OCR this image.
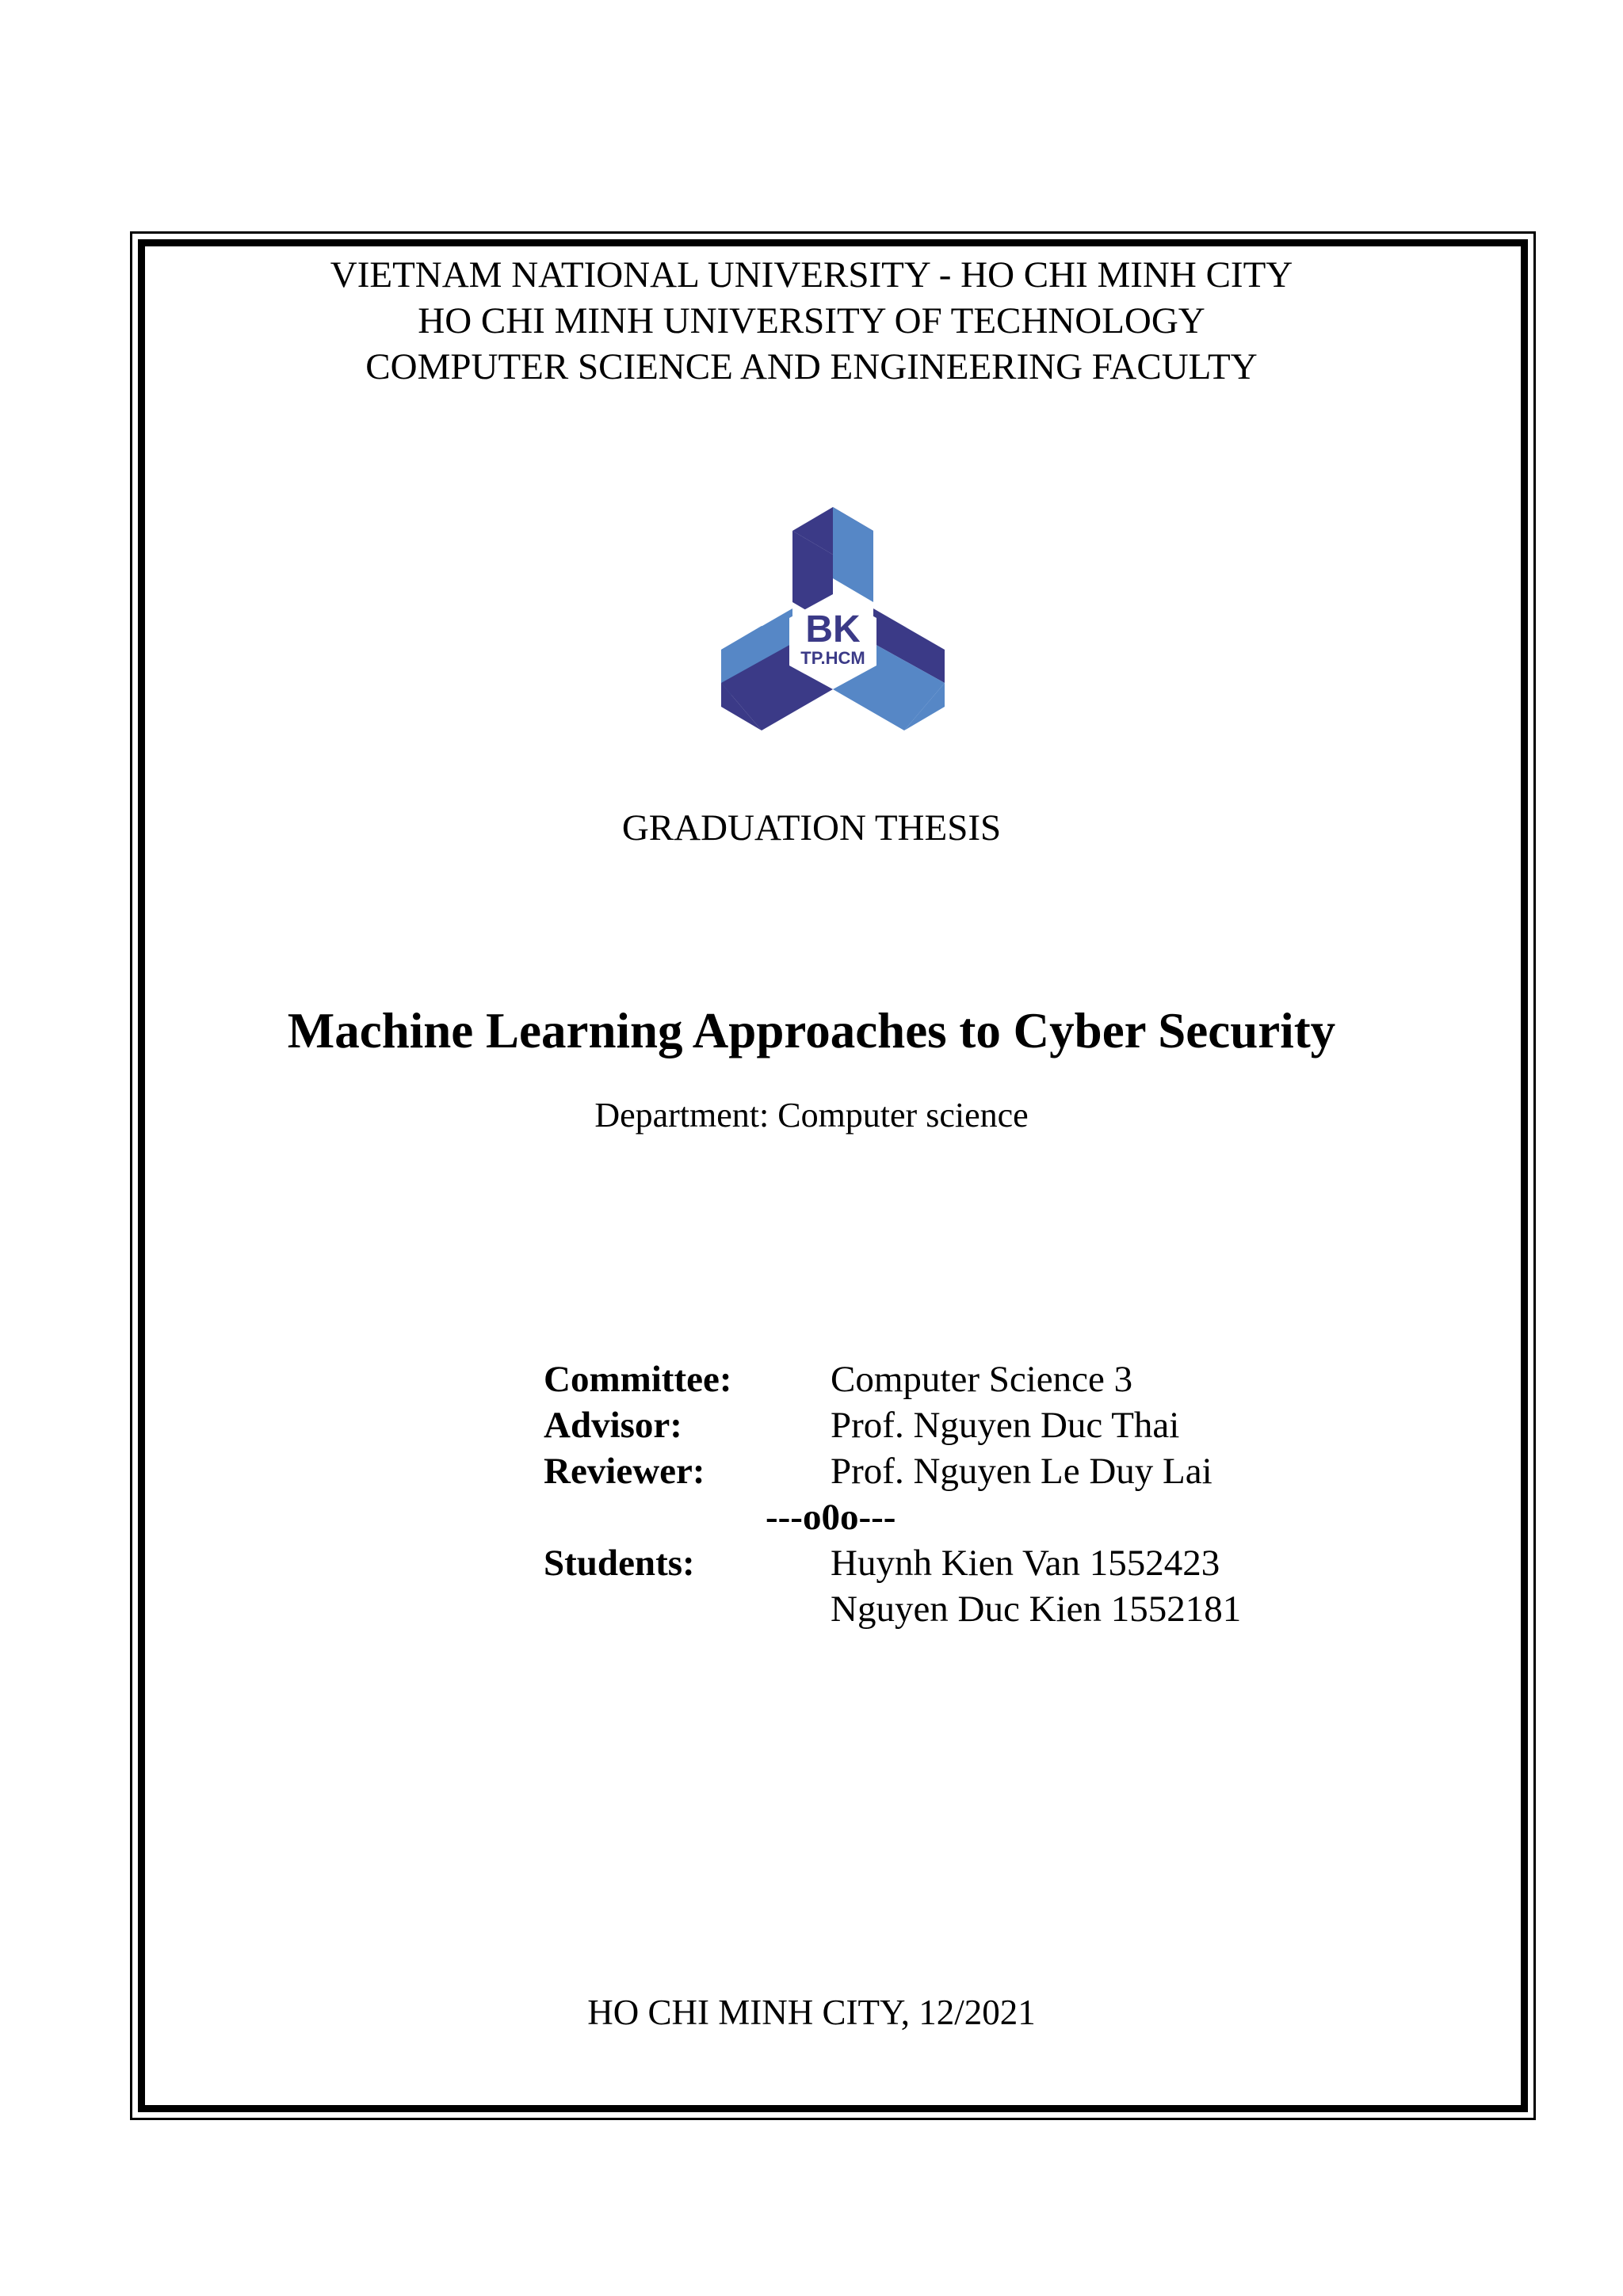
VIETNAM NATIONAL UNIVERSITY - HO CHI MINH CITY
HO CHI MINH UNIVERSITY OF TECHNOLOGY
COMPUTER SCIENCE AND ENGINEERING FACULTY
BK
TP.HCM
GRADUATION THESIS
Machine Learning Approaches to Cyber Security
Department: Computer science
Committee:	Computer Science 3
Advisor:	Prof. Nguyen Duc Thai
Reviewer:	Prof. Nguyen Le Duy Lai
---o0o---
Students:	Huynh Kien Van 1552423
Nguyen Duc Kien 1552181
HO CHI MINH CITY, 12/2021
